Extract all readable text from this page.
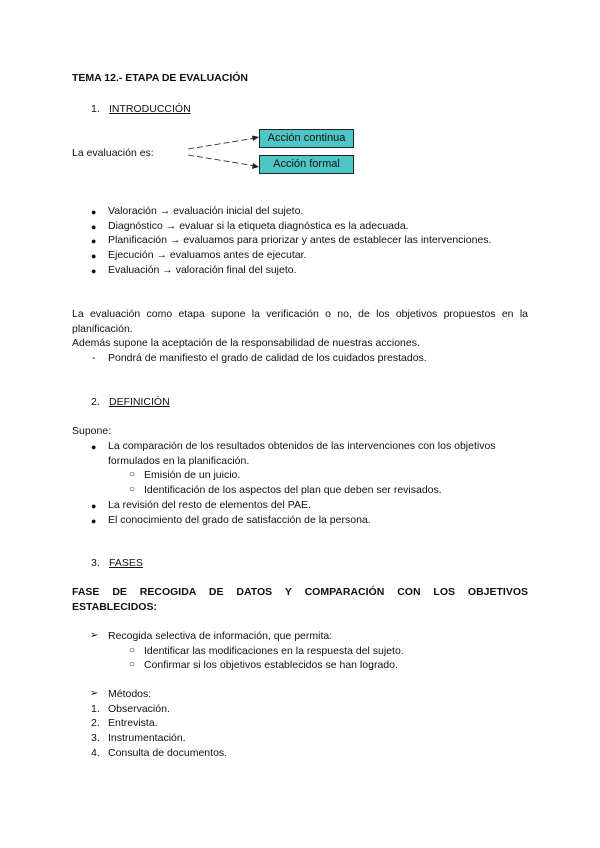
TEMA 12.- ETAPA DE EVALUACIÓN
1. INTRODUCCIÓN
La evaluación es:
Acción continua
Acción formal
● Valoración → evaluación inicial del sujeto.
● Diagnóstico → evaluar si la etiqueta diagnóstica es la adecuada.
● Planificación → evaluamos para priorizar y antes de establecer las intervenciones.
● Ejecución → evaluamos antes de ejecutar.
● Evaluación → valoración final del sujeto.
La evaluación como etapa supone la verificación o no, de los objetivos propuestos en la
planificación.
Además supone la aceptación de la responsabilidad de nuestras acciones.
- Pondrá de manifiesto el grado de calidad de los cuidados prestados.
2. DEFINICIÓN
Supone:
● La comparación de los resultados obtenidos de las intervenciones con los objetivos
formulados en la planificación.
○ Emisión de un juicio.
○ Identificación de los aspectos del plan que deben ser revisados.
● La revisión del resto de elementos del PAE.
● El conocimiento del grado de satisfacción de la persona.
3. FASES
FASE DE RECOGIDA DE DATOS Y COMPARACIÓN CON LOS OBJETIVOS
ESTABLECIDOS:
➢ Recogida selectiva de información, que permita:
○ Identificar las modificaciones en la respuesta del sujeto.
○ Confirmar si los objetivos establecidos se han logrado.
➢ Métodos:
1. Observación.
2. Entrevista.
3. Instrumentación.
4. Consulta de documentos.
